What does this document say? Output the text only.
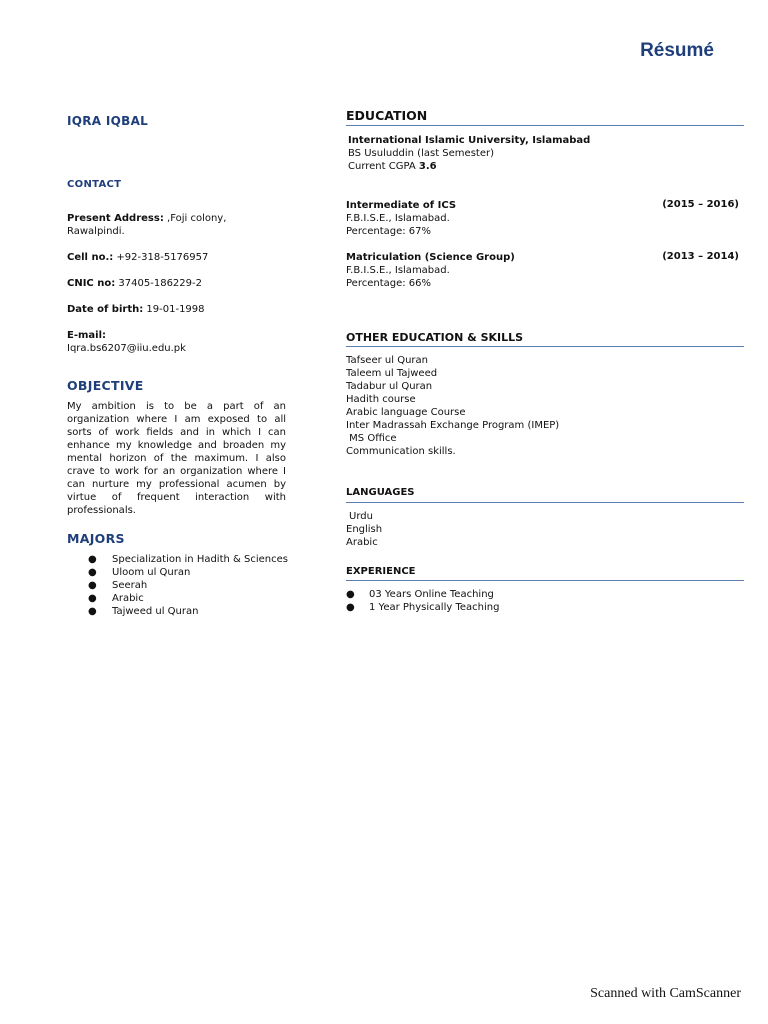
Résumé
IQRA IQBAL
CONTACT
Present Address: ,Foji colony,
Rawalpindi.
Cell no.: +92-318-5176957
CNIC no: 37405-186229-2
Date of birth: 19-01-1998
E-mail:
Iqra.bs6207@iiu.edu.pk
OBJECTIVE
My ambition is to be a part of an organization where I am exposed to all sorts of work fields and in which I can enhance my knowledge and broaden my mental horizon of the maximum. I also crave to work for an organization where I can nurture my professional acumen by virtue of frequent interaction with professionals.
MAJORS
● Specialization in Hadith & Sciences
● Uloom ul Quran
● Seerah
● Arabic
● Tajweed ul Quran
EDUCATION
International Islamic University, Islamabad
BS Usuluddin (last Semester)
Current CGPA 3.6
Intermediate of ICS
F.B.I.S.E., Islamabad.
Percentage: 67%
(2015 – 2016)
Matriculation (Science Group)
F.B.I.S.E., Islamabad.
Percentage: 66%
(2013 – 2014)
OTHER EDUCATION & SKILLS
Tafseer ul Quran
Taleem ul Tajweed
Tadabur ul Quran
Hadith course
Arabic language Course
Inter Madrassah Exchange Program (IMEP)
MS Office
Communication skills.
LANGUAGES
Urdu
English
Arabic
EXPERIENCE
● 03 Years Online Teaching
● 1 Year Physically Teaching
Scanned with CamScanner
